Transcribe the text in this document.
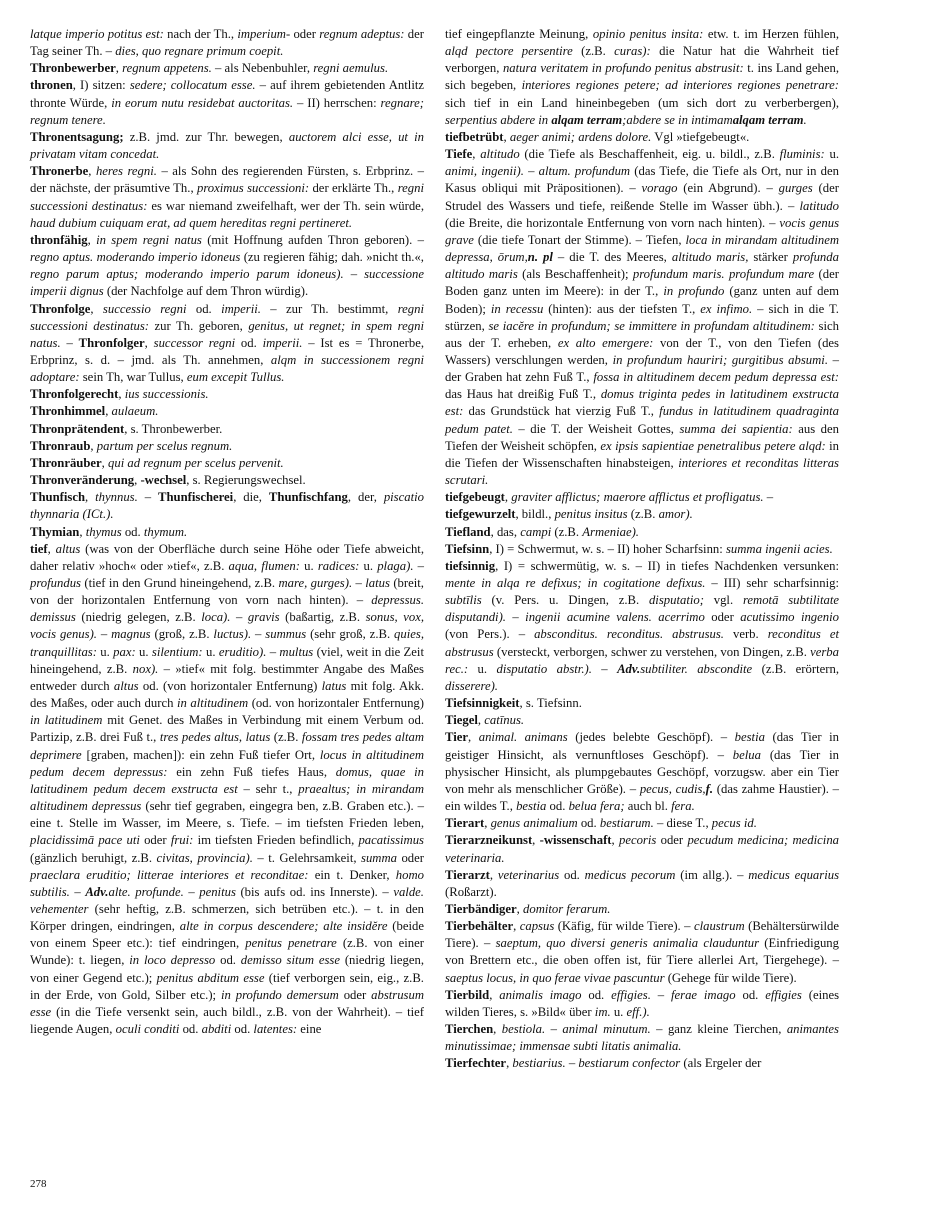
latque imperio potitus est: nach der Th., imperium- oder regnum adeptus: der Tag seiner Th. – dies, quo regnare primum coepit.

Thronbewerber, regnum appetens. – als Nebenbuhler, regni aemulus.

thronen, I) sitzen: sedere; collocatum esse. – auf ihrem gebietenden Antlitz thronte Würde, in eorum nutu residebat auctoritas. – II) herrschen: regnare; regnum tenere.

Thronentsagung; z.B. jmd. zur Thr. bewegen, auctorem alci esse, ut in privatam vitam concedat.

Thronerbe, heres regni. – als Sohn des regierenden Fürsten, s. Erbprinz. – der nächste, der präsumtive Th., proximus successioni: der erklärte Th., regni successioni destinatus: es war niemand zweifelhaft, wer der Th. sein würde, haud dubium cuiquam erat, ad quem hereditas regni pertineret.

thronfähig, in spem regni natus (mit Hoffnung aufden Thron geboren). – regno aptus. moderando imperio idoneus (zu regieren fähig; dah. »nicht th.«, regno parum aptus; moderando imperio parum idoneus). – successione imperii dignus (der Nachfolge auf dem Thron würdig).

Thronfolge, successio regni od. imperii. – zur Th. bestimmt, regni successioni destinatus: zur Th. geboren, genitus, ut regnet; in spem regni natus. – Thronfolger, successor regni od. imperii. – Ist es = Thronerbe, Erbprinz, s. d. – jmd. als Th. annehmen, alqm in successionem regni adoptare: sein Th, war Tullus, eum excepit Tullus.

Thronfolgerecht, ius successionis.

Thronhimmel, aulaeum.

Thronprätendent, s. Thronbewerber.

Thronraub, partum per scelus regnum.

Thronräuber, qui ad regnum per scelus pervenit.

Thronveränderung, -wechsel, s. Regierungswechsel.

Thunfisch, thynnus. – Thunfischerei, die, Thunfischfang, der, piscatio thynnaria (ICt.).

Thymian, thymus od. thymum.

tief, altus (was von der Oberfläche durch seine Höhe oder Tiefe abweicht, daher relativ »hoch« oder »tief«, z.B. aqua, flumen: u. radices: u. plaga). – profundus (tief in den Grund hineingehend, z.B. mare, gurges). – latus (breit, von der horizontalen Entfernung von vorn nach hinten). – depressus. demissus (niedrig gelegen, z.B. loca). – gravis (baßartig, z.B. sonus, vox, vocis genus). – magnus (groß, z.B. luctus). – summus (sehr groß, z.B. quies, tranquillitas: u. pax: u. silentium: u. eruditio). – multus (viel, weit in die Zeit hineingehend, z.B. nox). – »tief« mit folg. bestimmter Angabe des Maßes entweder durch altus od. (von horizontaler Entfernung) latus mit folg. Akk. des Maßes, oder auch durch in altitudinem (od. von horizontaler Entfernung) in latitudinem mit Genet. des Maßes in Verbindung mit einem Verbum od. Partizip, z.B. drei Fuß t., tres pedes altus, latus (z.B. fossam tres pedes altam deprimere [graben, machen]): ein zehn Fuß tiefer Ort, locus in altitudinem pedum decem depressus: ein zehn Fuß tiefes Haus, domus, quae in latitudinem pedum decem exstructa est – sehr t., praealtus; in mirandam altitudinem depressus (sehr tief gegraben, eingegra ben, z.B. Graben etc.). – eine t. Stelle im Wasser, im Meere, s. Tiefe. – im tiefsten Frieden leben, placidissimā pace uti oder frui: im tiefsten Frieden befindlich, pacatissimus (gänzlich beruhigt, z.B. civitas, provincia). – t. Gelehrsamkeit, summa oder praeclara eruditio; litterae interiores et reconditae: ein t. Denker, homo subtilis. – Adv.alte. profunde. – penitus (bis aufs od. ins Innerste). – valde. vehementer (sehr heftig, z.B. schmerzen, sich betrüben etc.). – t. in den Körper dringen, eindringen, alte in corpus descendere; alte insidĕre (beide von einem Speer etc.): tief eindringen, penitus penetrare (z.B. von einer Wunde): t. liegen, in loco depresso od. demisso situm esse (niedrig liegen, von einer Gegend etc.); penitus abditum esse (tief verborgen sein, eig., z.B. in der Erde, von Gold, Silber etc.); in profundo demersum oder abstrusum esse (in die Tiefe versenkt sein, auch bildl., z.B. von der Wahrheit). – tief liegende Augen, oculi conditi od. abditi od. latentes: eine

tief eingepflanzte Meinung, opinio penitus insita: etw. t. im Herzen fühlen, alqd pectore persentire (z.B. curas): die Natur hat die Wahrheit tief verborgen, natura veritatem in profundo penitus abstrusit: t. ins Land gehen, sich begeben, interiores regiones petere; ad interiores regiones penetrare: sich tief in ein Land hineinbegeben (um sich dort zu verberbergen), serpentius abdere in alqam terram;abdere se in intimamalqam terram.

tiefbetrübt, aeger animi; ardens dolore. Vgl »tiefgebeugt«.

Tiefe, altitudo (die Tiefe als Beschaffenheit, eig. u. bildl., z.B. fluminis: u. animi, ingenii). – altum. profundum (das Tiefe, die Tiefe als Ort, nur in den Kasus obliqui mit Präpositionen). – vorago (ein Abgrund). – gurges (der Strudel des Wassers und tiefe, reißende Stelle im Wasser übh.). – latitudo (die Breite, die horizontale Entfernung von vorn nach hinten). – vocis genus grave (die tiefe Tonart der Stimme). – Tiefen, loca in mirandam altitudinem depressa, ōrum,n. pl – die T. des Meeres, altitudo maris, stärker profunda altitudo maris (als Beschaffenheit); profundum maris. profundum mare (der Boden ganz unten im Meere): in der T., in profundo (ganz unten auf dem Boden); in recessu (hinten): aus der tiefsten T., ex infimo. – sich in die T. stürzen, se iacĕre in profundum; se immittere in profundam altitudinem: sich aus der T. erheben, ex alto emergere: von der T., von den Tiefen (des Wassers) verschlungen werden, in profundum hauriri; gurgitibus absumi. – der Graben hat zehn Fuß T., fossa in altitudinem decem pedum depressa est: das Haus hat dreißig Fuß T., domus triginta pedes in latitudinem exstructa est: das Grundstück hat vierzig Fuß T., fundus in latitudinem quadraginta pedum patet. – die T. der Weisheit Gottes, summa dei sapientia: aus den Tiefen der Weisheit schöpfen, ex ipsis sapientiae penetralibus petere alqd: in die Tiefen der Wissenschaften hinabsteigen, interiores et reconditas litteras scrutari.

tiefgebeugt, graviter afflictus; maerore afflictus et profligatus. –

tiefgewurzelt, bildl., penitus insitus (z.B. amor).

Tiefland, das, campi (z.B. Armeniae).

Tiefsinn, I) = Schwermut, w. s. – II) hoher Scharfsinn: summa ingenii acies.

tiefsinnig, I) = schwermütig, w. s. – II) in tiefes Nachdenken versunken: mente in alqa re defixus; in cogitatione defixus. – III) sehr scharfsinnig: subtīlis (v. Pers. u. Dingen, z.B. disputatio; vgl. remotā subtilitate disputandi). – ingenii acumine valens. acerrimo oder acutissimo ingenio (von Pers.). – absconditus. reconditus. abstrusus. verb. reconditus et abstrusus (versteckt, verborgen, schwer zu verstehen, von Dingen, z.B. verba rec.: u. disputatio abstr.). – Adv.subtiliter. abscondite (z.B. erörtern, disserere).

Tiefsinnigkeit, s. Tiefsinn.

Tiegel, catīnus.

Tier, animal. animans (jedes belebte Geschöpf). – bestia (das Tier in geistiger Hinsicht, als vernunftloses Geschöpf). – belua (das Tier in physischer Hinsicht, als plumpgebautes Geschöpf, vorzugsw. aber ein Tier von mehr als menschlicher Größe). – pecus, cudis,f. (das zahme Haustier). – ein wildes T., bestia od. belua fera; auch bl. fera.

Tierart, genus animalium od. bestiarum. – diese T., pecus id.

Tierarzneikunst, -wissenschaft, pecoris oder pecudum medicina; medicina veterinaria.

Tierarzt, veterinarius od. medicus pecorum (im allg.). – medicus equarius (Roßarzt).

Tierbändiger, domitor ferarum.

Tierbehälter, capsus (Käfig, für wilde Tiere). – claustrum (Behältersürwilde Tiere). – saeptum, quo diversi generis animalia clauduntur (Einfriedigung von Brettern etc., die oben offen ist, für Tiere allerlei Art, Tiergehege). – saeptus locus, in quo ferae vivae pascuntur (Gehege für wilde Tiere).

Tierbild, animalis imago od. effigies. – ferae imago od. effigies (eines wilden Tieres, s. »Bild« über im. u. eff.).

Tierchen, bestiola. – animal minutum. – ganz kleine Tierchen, animantes minutissimae; immensae subti litatis animalia.

Tierfechter, bestiarius. – bestiarum confector (als Ergeler der

278
